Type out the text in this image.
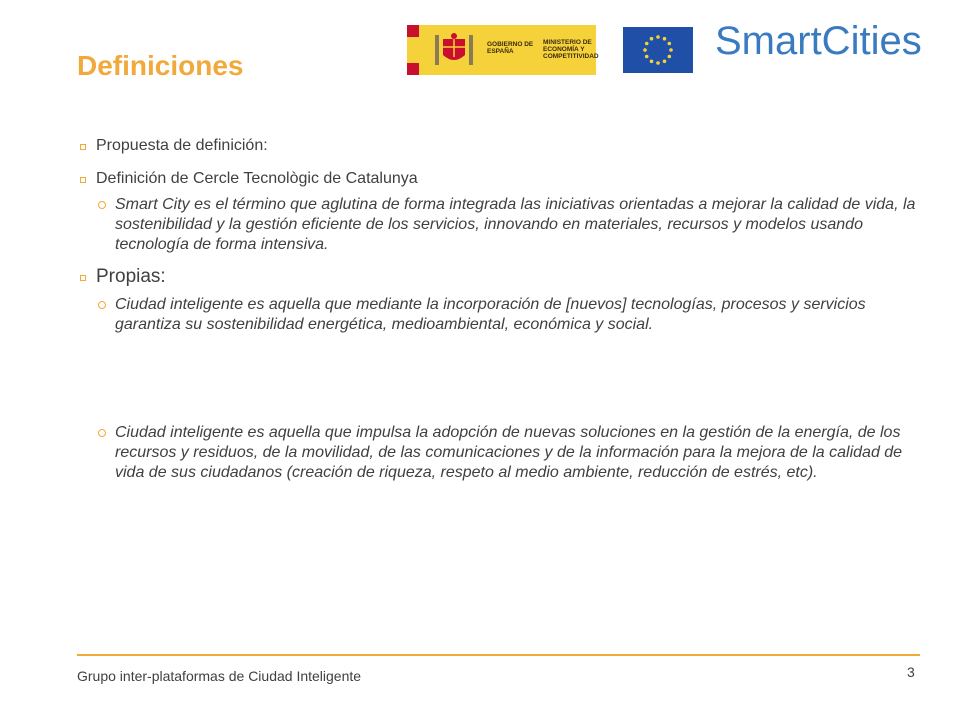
Definiciones
GOBIERNO DE ESPAÑA
MINISTERIO DE ECONOMÍA Y COMPETITIVIDAD	SmartCities

Propuesta de definición:

Definición de Cercle Tecnològic de Catalunya

Smart City es el término que aglutina de forma integrada las iniciativas orientadas a mejorar la calidad de vida, la sostenibilidad y la gestión eficiente de los servicios, innovando en materiales, recursos y modelos usando tecnología de forma intensiva.

Propias:

Ciudad inteligente es aquella que mediante la incorporación de [nuevos] tecnologías, procesos y servicios garantiza su sostenibilidad energética, medioambiental, económica y social.

Ciudad inteligente es aquella que impulsa la adopción de nuevas soluciones en la gestión de la energía, de los recursos y residuos, de la movilidad, de las comunicaciones y de la información para la mejora de la calidad de vida de sus ciudadanos (creación de riqueza, respeto al medio ambiente, reducción de estrés, etc).

Grupo inter-plataformas de Ciudad Inteligente	3
